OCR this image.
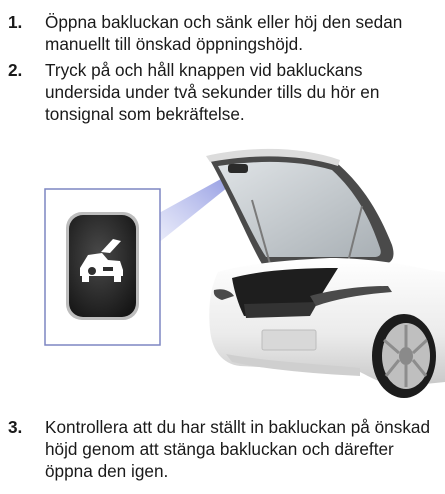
1.	Öppna bakluckan och sänk eller höj den sedan manuellt till önskad öppningshöjd.
2.	Tryck på och håll knappen vid bakluckans undersida under två sekunder tills du hör en tonsignal som bekräftelse.
3.	Kontrollera att du har ställt in bakluckan på önskad höjd genom att stänga bakluckan och därefter öppna den igen.
